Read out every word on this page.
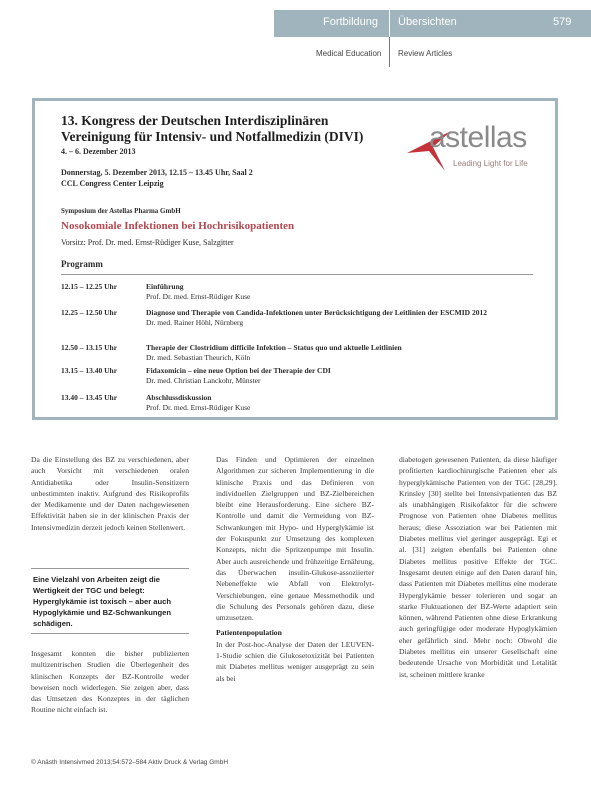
Fortbildung Übersichten	579
Medical Education Review Articles
13. Kongress der Deutschen Interdisziplinären Vereinigung für Intensiv- und Notfallmedizin (DIVI)
4. – 6. Dezember 2013
Donnerstag, 5. Dezember 2013, 12.15 – 13.45 Uhr, Saal 2
CCL Congress Center Leipzig
astellas
Leading Light for Life
Symposium der Astellas Pharma GmbH
Nosokomiale Infektionen bei Hochrisikopatienten
Vorsitz: Prof. Dr. med. Ernst-Rüdiger Kuse, Salzgitter
Programm
12.15 – 12.25 Uhr	Einführung
Prof. Dr. med. Ernst-Rüdiger Kuse
12.25 – 12.50 Uhr	Diagnose und Therapie von Candida-Infektionen unter Berücksichtigung der Leitlinien der ESCMID 2012
Dr. med. Rainer Höhl, Nürnberg
12.50 – 13.15 Uhr	Therapie der Clostridium difficile Infektion – Status quo und aktuelle Leitlinien
Dr. med. Sebastian Theurich, Köln
13.15 – 13.40 Uhr	Fidaxomicin – eine neue Option bei der Therapie der CDI
Dr. med. Christian Lanckohr, Münster
13.40 – 13.45 Uhr	Abschlussdiskussion
Prof. Dr. med. Ernst-Rüdiger Kuse

Da die Einstellung des BZ zu verschiedenen, aber auch Vorsicht mit verschiedenen oralen Antidiabetika oder Insulin-Sensitizern unbestimmten inaktiv. Aufgrund des Risikoprofils der Medikamente und der Daten nachgewiesenen Effektivität haben sie in der klinischen Praxis der Intensivmedizin derzeit jedoch keinen Stellenwert.

Eine Vielzahl von Arbeiten zeigt die Wertigkeit der TGC und belegt: Hyperglykämie ist toxisch – aber auch Hypoglykämie und BZ-Schwankungen schädigen.

Insgesamt konnten die bisher publizierten multizentrischen Studien die Überlegenheit des klinischen Konzepts der BZ-Kontrolle weder beweisen noch widerlegen. Sie zeigen aber, dass das Umsetzen des Konzeptes in der täglichen Routine nicht einfach ist.

Das Finden und Optimieren der einzelnen Algorithmen zur sicheren Implementierung in die klinische Praxis und das Definieren von individuellen Zielgruppen und BZ-Zielbereichen bleibt eine Herausforderung. Eine sichere BZ-Kontrolle und damit die Vermeidung von BZ-Schwankungen mit Hypo- und Hyperglykämie ist der Fokuspunkt zur Umsetzung des komplexen Konzepts, nicht die Spritzenpumpe mit Insulin. Aber auch ausreichende und frühzeitige Ernährung, das Überwachen insulin-Glukose-assoziierter Nebeneffekte wie Abfall von Elektrolyt-Verschiebungen, eine genaue Messmethodik und die Schulung des Personals gehören dazu, diese umzusetzen.

Patientenpopulation

In der Post-hoc-Analyse der Daten der LEUVEN-1-Studie schien die Glukosetoxizität bei Patienten mit Diabetes mellitus weniger ausgeprägt zu sein als bei

diabetogen gewesenen Patienten, da diese häufiger profitierten kardiochirurgische Patienten eher als hyperglykämische Patienten von der TGC [28,29]. Krinsley [30] stellte bei Intensivpatienten das BZ als unabhängigen Risikofaktor für die schwere Prognose von Patienten ohne Diabetes mellitus heraus; diese Assoziation war bei Patienten mit Diabetes mellitus viel geringer ausgeprägt. Egi et al. [31] zeigten ebenfalls bei Patienten ohne Diabetes mellitus positive Effekte der TGC. Insgesamt deuten einige auf den Daten darauf hin, dass Patienten mit Diabetes mellitus eine moderate Hyperglykämie besser tolerieren und sogar an starke Fluktuationen der BZ-Werte adaptiert sein können, während Patienten ohne diese Erkrankung auch geringfügige oder moderate Hypoglykämien eher gefährlich sind. Mehr noch: Obwohl die Diabetes mellitus ein unserer Gesellschaft eine bedeutende Ursache von Morbidität und Letalität ist, scheinen mittlere kranke

© Anästh Intensivmed 2013;54:572–584 Aktiv Druck & Verlag GmbH
